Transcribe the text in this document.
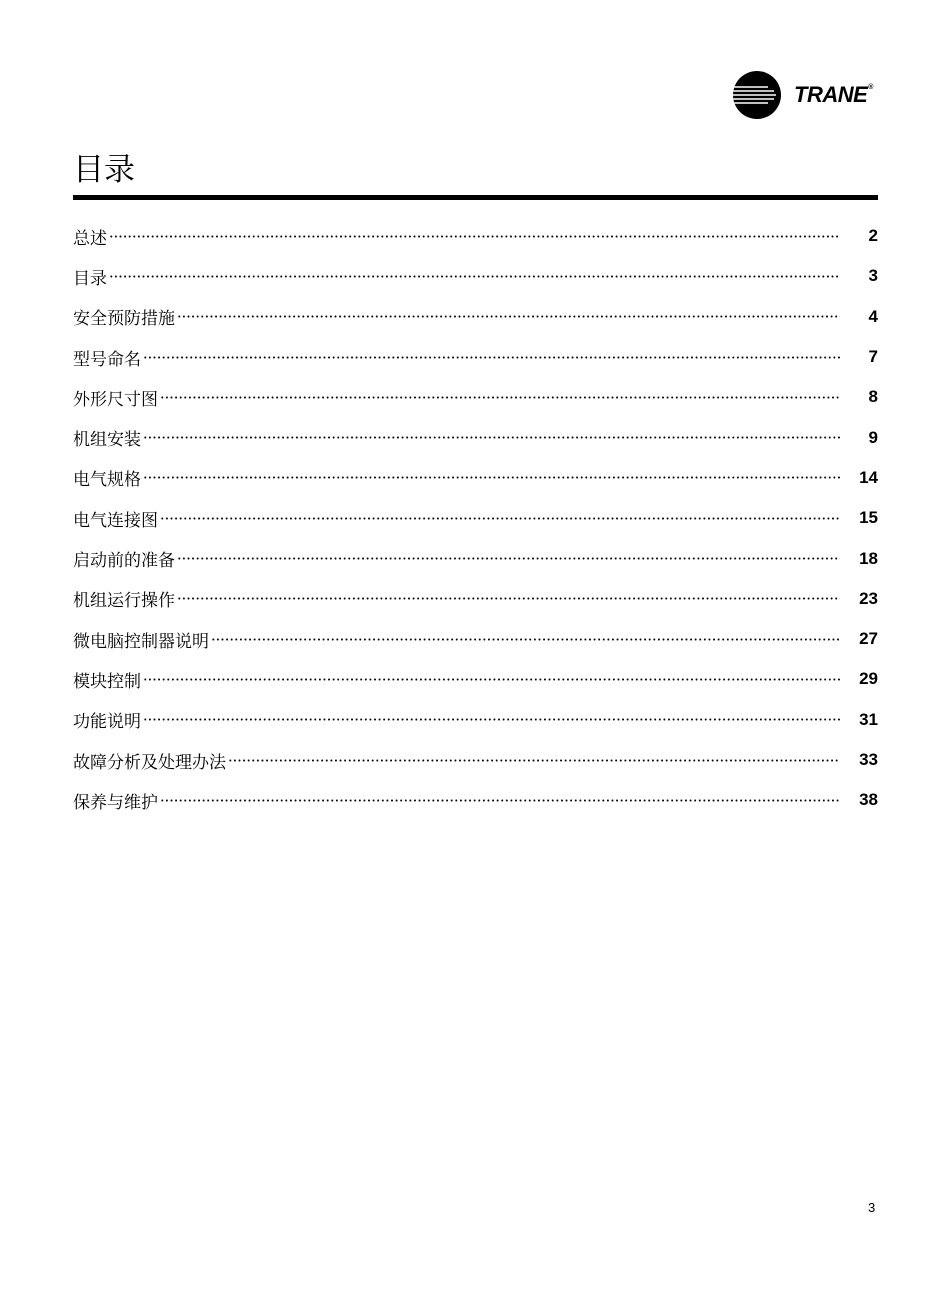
TRANE®
目录
总述	2
目录	3
安全预防措施	4
型号命名	7
外形尺寸图	8
机组安装	9
电气规格	14
电气连接图	15
启动前的准备	18
机组运行操作	23
微电脑控制器说明	27
模块控制	29
功能说明	31
故障分析及处理办法	33
保养与维护	38
3
